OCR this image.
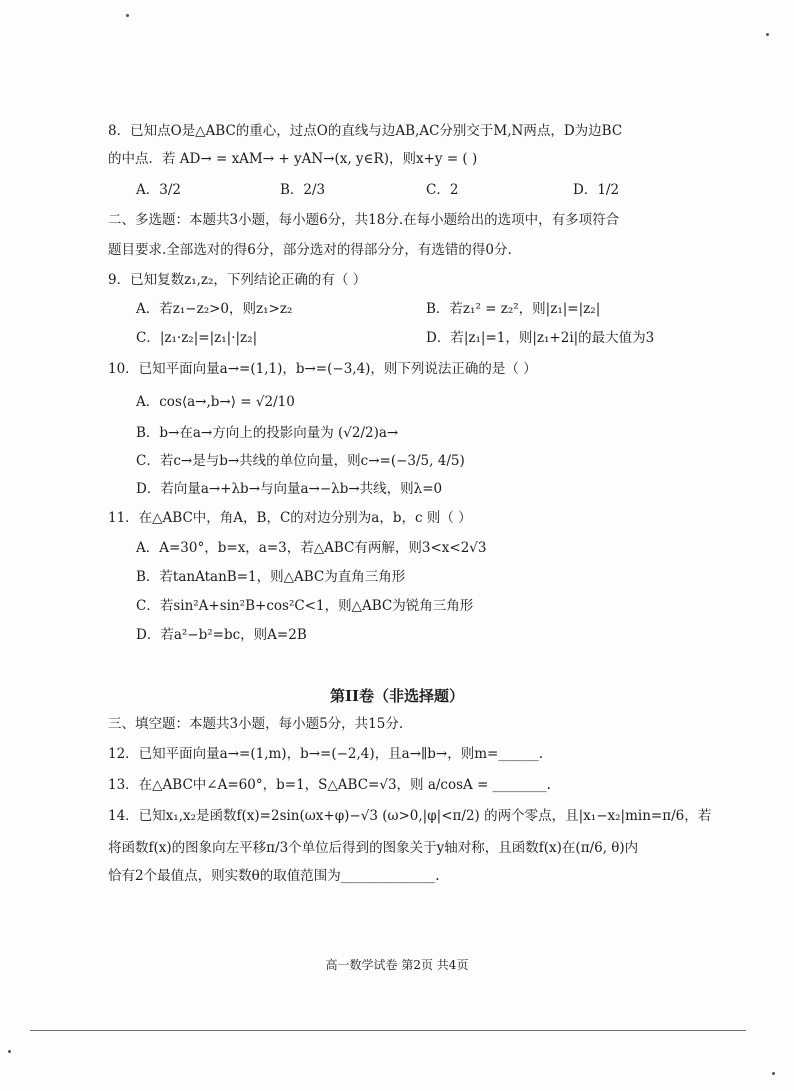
8．已知点O是△ABC的重心，过点O的直线与边AB,AC分别交于M,N两点，D为边BC
的中点．若 AD→ = xAM→ + yAN→(x, y∈R)，则x+y = ( )
A．3/2	B．2/3	C．2	D．1/2
二、多选题：本题共3小题，每小题6分，共18分.在每小题给出的选项中，有多项符合
题目要求.全部选对的得6分，部分选对的得部分分，有选错的得0分.
9．已知复数z₁,z₂，下列结论正确的有（ ）
A．若z₁−z₂>0，则z₁>z₂	B．若z₁² = z₂²，则|z₁|=|z₂|
C．|z₁·z₂|=|z₁|·|z₂|	D．若|z₁|=1，则|z₁+2i|的最大值为3
10．已知平面向量a→=(1,1)，b→=(−3,4)，则下列说法正确的是（ ）
A．cos⟨a→,b→⟩ = √2/10
B．b→在a→方向上的投影向量为 (√2/2)a→
C．若c→是与b→共线的单位向量，则c→=(−3/5, 4/5)
D．若向量a→+λb→与向量a→−λb→共线，则λ=0
11．在△ABC中，角A，B，C的对边分别为a，b，c 则（ ）
A．A=30°，b=x，a=3，若△ABC有两解，则3<x<2√3
B．若tanAtanB=1，则△ABC为直角三角形
C．若sin²A+sin²B+cos²C<1，则△ABC为锐角三角形
D．若a²−b²=bc，则A=2B
第II卷（非选择题）
三、填空题：本题共3小题，每小题5分，共15分.
12．已知平面向量a→=(1,m)，b→=(−2,4)，且a→∥b→，则m=______.
13．在△ABC中∠A=60°，b=1，S△ABC=√3，则 a/cosA = ________.
14．已知x₁,x₂是函数f(x)=2sin(ωx+φ)−√3 (ω>0,|φ|<π/2) 的两个零点，且|x₁−x₂|min=π/6，若
将函数f(x)的图象向左平移π/3个单位后得到的图象关于y轴对称，且函数f(x)在(π/6, θ)内
恰有2个最值点，则实数θ的取值范围为______________.
高一数学试卷 第2页 共4页
